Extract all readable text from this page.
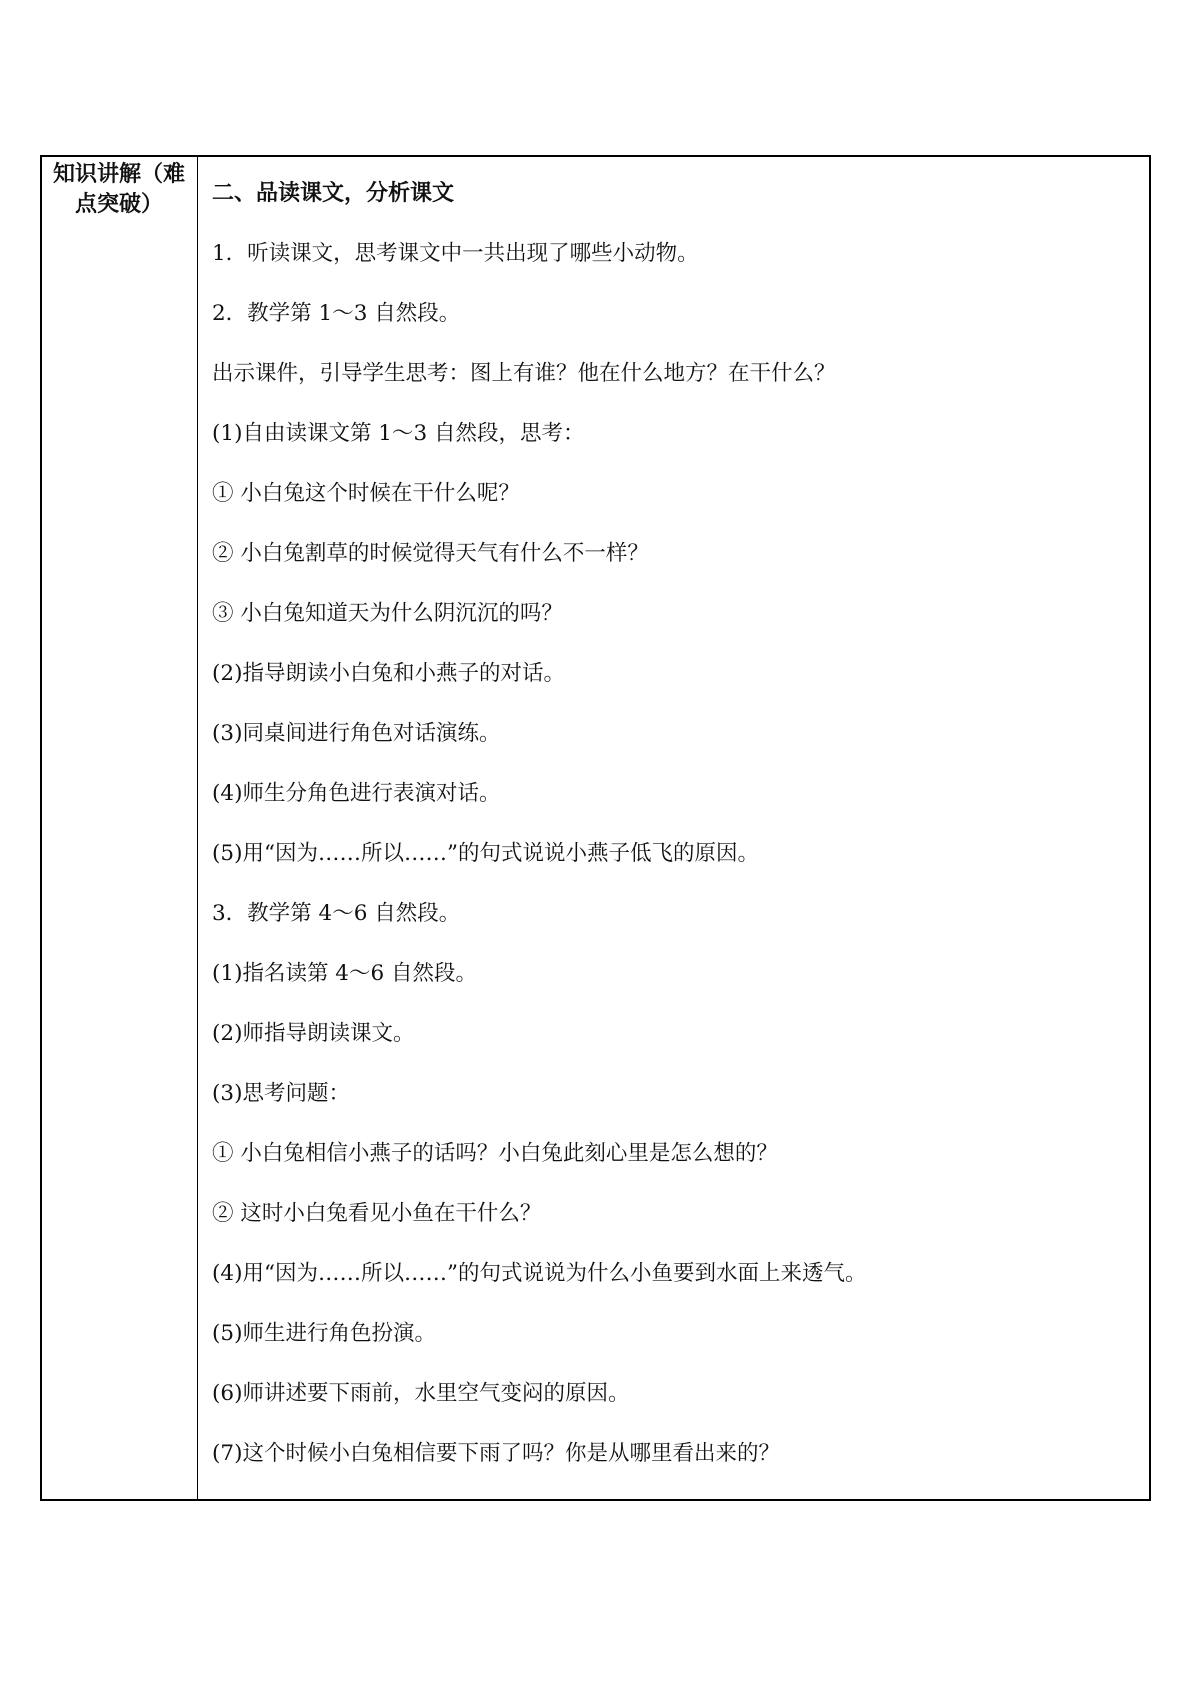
知识讲解（难点突破）	二、品读课文，分析课文

1．听读课文，思考课文中一共出现了哪些小动物。

2．教学第 1～3 自然段。

出示课件，引导学生思考：图上有谁？他在什么地方？在干什么？

(1)自由读课文第 1～3 自然段，思考：

① 小白兔这个时候在干什么呢？

② 小白兔割草的时候觉得天气有什么不一样？

③ 小白兔知道天为什么阴沉沉的吗？

(2)指导朗读小白兔和小燕子的对话。

(3)同桌间进行角色对话演练。

(4)师生分角色进行表演对话。

(5)用“因为……所以……”的句式说说小燕子低飞的原因。

3．教学第 4～6 自然段。

(1)指名读第 4～6 自然段。

(2)师指导朗读课文。

(3)思考问题：

① 小白兔相信小燕子的话吗？小白兔此刻心里是怎么想的？

② 这时小白兔看见小鱼在干什么？

(4)用“因为……所以……”的句式说说为什么小鱼要到水面上来透气。

(5)师生进行角色扮演。

(6)师讲述要下雨前，水里空气变闷的原因。

(7)这个时候小白兔相信要下雨了吗？你是从哪里看出来的？
